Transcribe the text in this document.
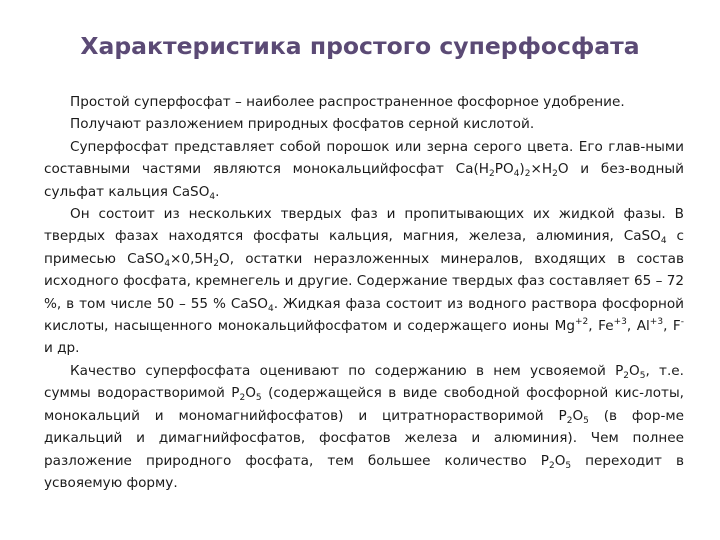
Характеристика простого суперфосфата

Простой суперфосфат – наиболее распространенное фосфорное удобрение.

Получают разложением природных фосфатов серной кислотой.

Суперфосфат представляет собой порошок или зерна серого цвета. Его глав-ными составными частями являются монокальцийфосфат $Ca(H_2PO_4)_2\times H_2O$ и без-водный сульфат кальция CaSO$_4$.

Он состоит из нескольких твердых фаз и пропитывающих их жидкой фазы. В твердых фазах находятся фосфаты кальция, магния, железа, алюминия, CaSO$_4$ с примесью $CaSO_4\times 0,5H_2O$, остатки неразложенных минералов, входящих в состав исходного фосфата, кремнегель и другие. Содержание твердых фаз составляет 65 – 72 %, в том числе 50 – 55 % CaSO$_4$. Жидкая фаза состоит из водного раствора фосфорной кислоты, насыщенного монокальцийфосфатом и содержащего ионы $Mg^{+2}$, $Fe^{+3}$, $Al^{+3}$, F- и др.

Качество суперфосфата оценивают по содержанию в нем усвояемой $P_2O_5$, т.е. суммы водорастворимой $P_2O_5$ (содержащейся в виде свободной фосфорной кис-лоты, монокальций и мономагнийфосфатов) и цитратнорастворимой $P_2O_5$ (в фор-ме дикальций и димагнийфосфатов, фосфатов железа и алюминия). Чем полнее разложение природного фосфата, тем большее количество $P_2O_5$ переходит в усвояемую форму.
